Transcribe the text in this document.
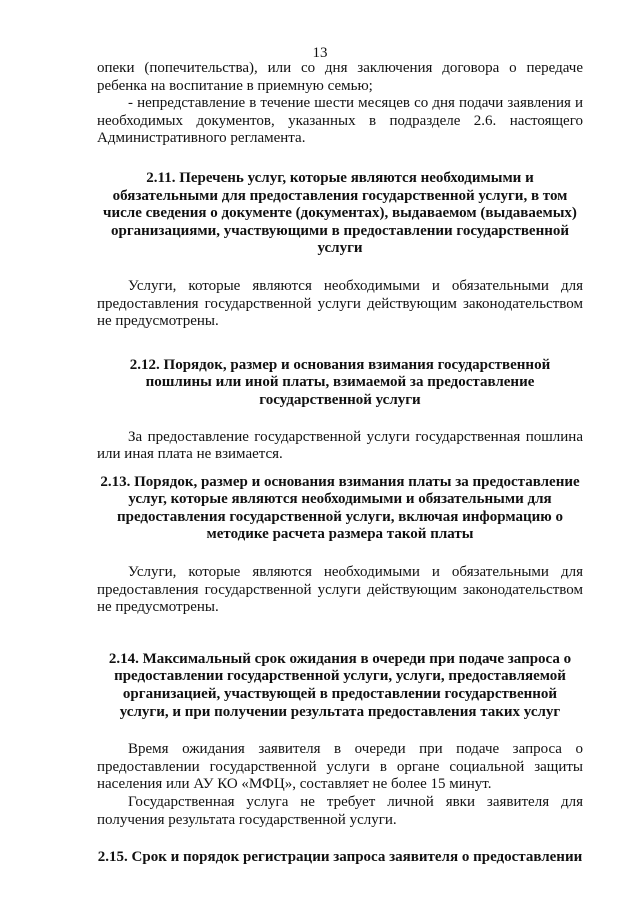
13

опеки (попечительства), или со дня заключения договора о передаче ребенка на воспитание в приемную семью;

- непредставление в течение шести месяцев со дня подачи заявления и необходимых документов, указанных в подразделе 2.6. настоящего Административного регламента.

2.11. Перечень услуг, которые являются необходимыми и обязательными для предоставления государственной услуги, в том числе сведения о документе (документах), выдаваемом (выдаваемых) организациями, участвующими в предоставлении государственной услуги

Услуги, которые являются необходимыми и обязательными для предоставления государственной услуги действующим законодательством не предусмотрены.

2.12. Порядок, размер и основания взимания государственной пошлины или иной платы, взимаемой за предоставление государственной услуги

За предоставление государственной услуги государственная пошлина или иная плата не взимается.

2.13. Порядок, размер и основания взимания платы за предоставление услуг, которые являются необходимыми и обязательными для предоставления государственной услуги, включая информацию о методике расчета размера такой платы

Услуги, которые являются необходимыми и обязательными для предоставления государственной услуги действующим законодательством не предусмотрены.

2.14. Максимальный срок ожидания в очереди при подаче запроса о предоставлении государственной услуги, услуги, предоставляемой организацией, участвующей в предоставлении государственной услуги, и при получении результата предоставления таких услуг

Время ожидания заявителя в очереди при подаче запроса о предоставлении государственной услуги в органе социальной защиты населения или АУ КО «МФЦ», составляет не более 15 минут.

Государственная услуга не требует личной явки заявителя для получения результата государственной услуги.

2.15. Срок и порядок регистрации запроса заявителя о предоставлении
